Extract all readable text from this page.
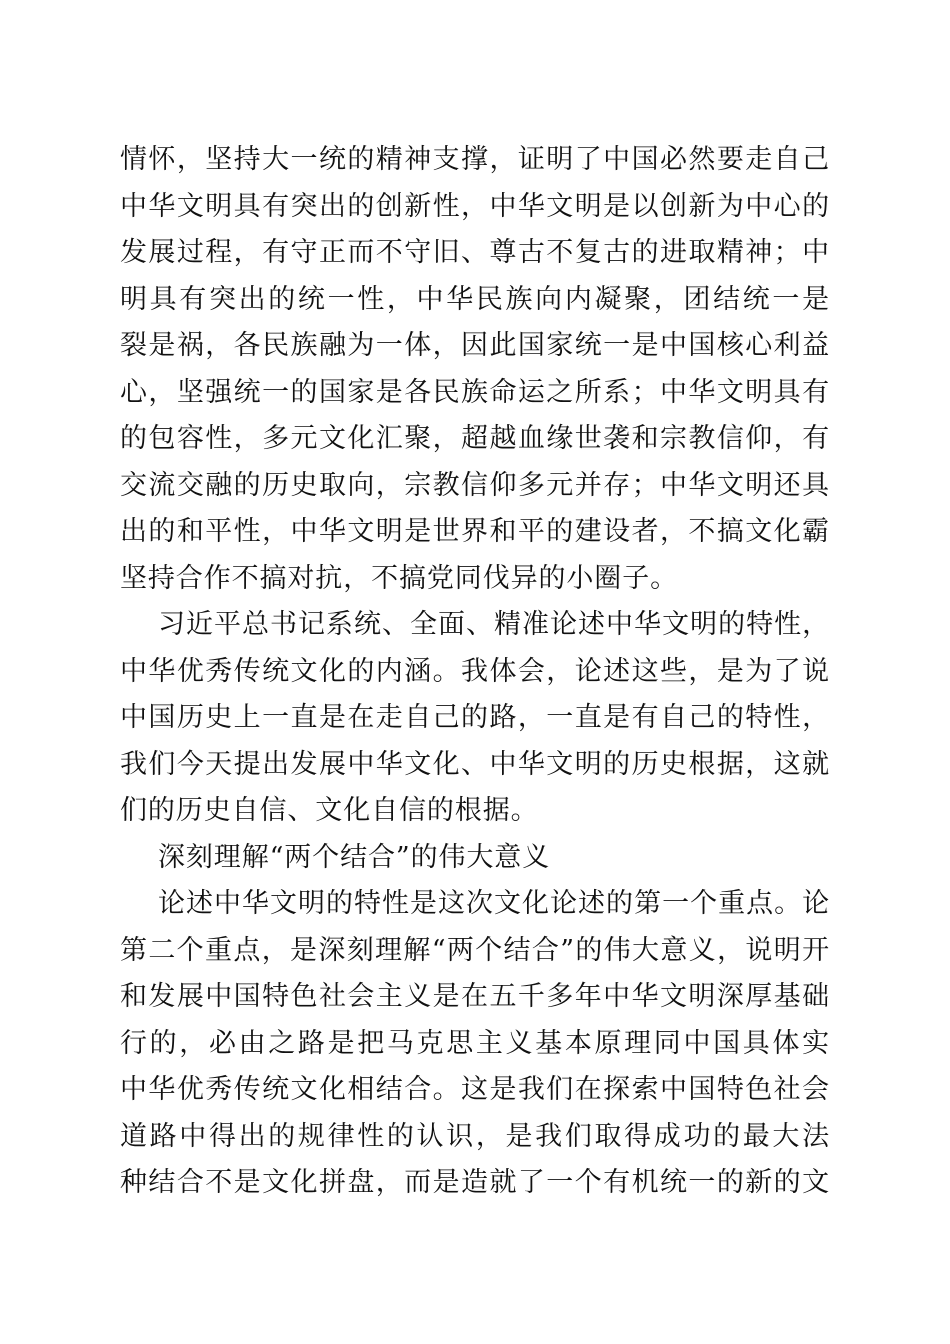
情怀，坚持大一统的精神支撑，证明了中国必然要走自己
中华文明具有突出的创新性，中华文明是以创新为中心的
发展过程，有守正而不守旧、尊古不复古的进取精神；中
明具有突出的统一性，中华民族向内凝聚，团结统一是
裂是祸，各民族融为一体，因此国家统一是中国核心利益
心，坚强统一的国家是各民族命运之所系；中华文明具有
的包容性，多元文化汇聚，超越血缘世袭和宗教信仰，有
交流交融的历史取向，宗教信仰多元并存；中华文明还具
出的和平性，中华文明是世界和平的建设者，不搞文化霸
坚持合作不搞对抗，不搞党同伐异的小圈子。
习近平总书记系统、全面、精准论述中华文明的特性，
中华优秀传统文化的内涵。我体会，论述这些，是为了说
中国历史上一直是在走自己的路，一直是有自己的特性，
我们今天提出发展中华文化、中华文明的历史根据，这就
们的历史自信、文化自信的根据。
深刻理解“两个结合”的伟大意义
论述中华文明的特性是这次文化论述的第一个重点。论
第二个重点，是深刻理解“两个结合”的伟大意义，说明开
和发展中国特色社会主义是在五千多年中华文明深厚基础
行的，必由之路是把马克思主义基本原理同中国具体实
中华优秀传统文化相结合。这是我们在探索中国特色社会
道路中得出的规律性的认识，是我们取得成功的最大法
种结合不是文化拼盘，而是造就了一个有机统一的新的文
